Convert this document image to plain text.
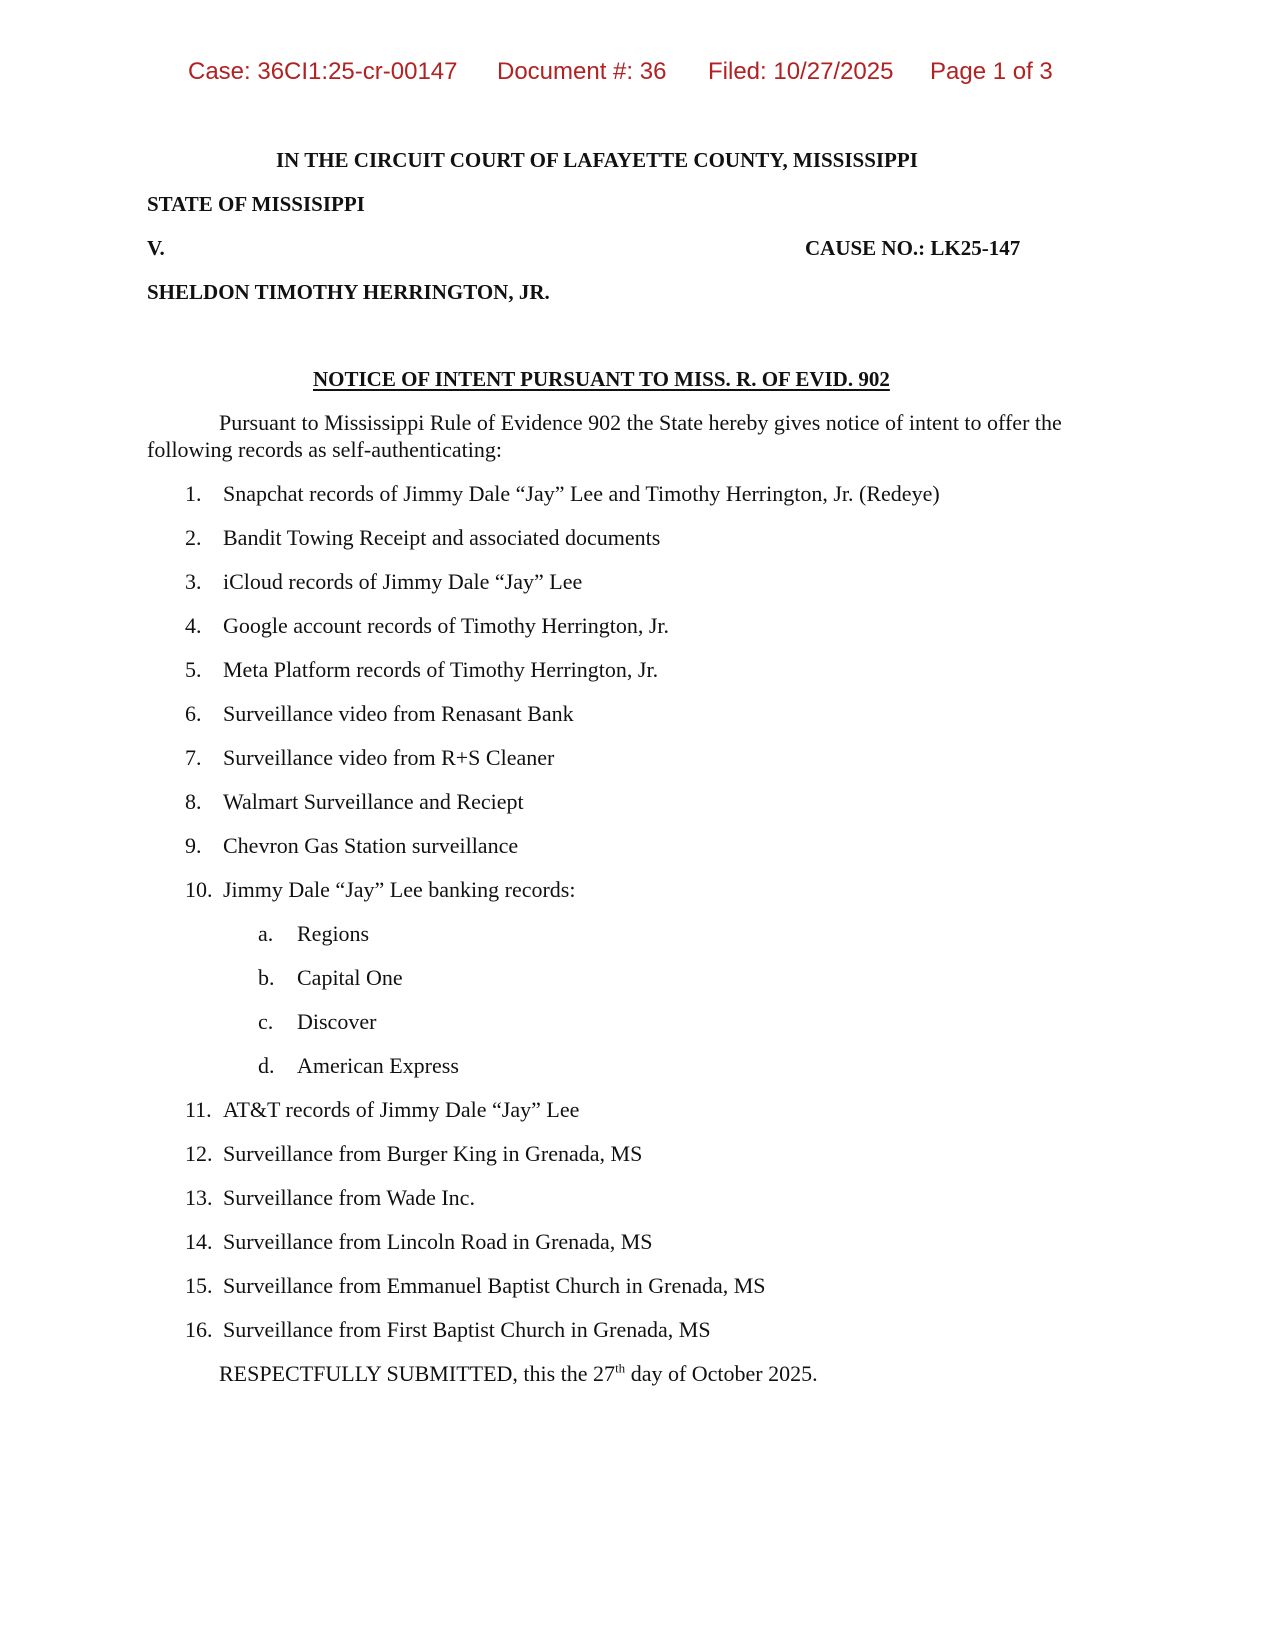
Case: 36CI1:25-cr-00147 Document #: 36 Filed: 10/27/2025 Page 1 of 3
IN THE CIRCUIT COURT OF LAFAYETTE COUNTY, MISSISSIPPI
STATE OF MISSISIPPI
V.	CAUSE NO.: LK25-147
SHELDON TIMOTHY HERRINGTON, JR.
NOTICE OF INTENT PURSUANT TO MISS. R. OF EVID. 902
Pursuant to Mississippi Rule of Evidence 902 the State hereby gives notice of intent to offer the
following records as self-authenticating:
1. Snapchat records of Jimmy Dale “Jay” Lee and Timothy Herrington, Jr. (Redeye)
2. Bandit Towing Receipt and associated documents
3. iCloud records of Jimmy Dale “Jay” Lee
4. Google account records of Timothy Herrington, Jr.
5. Meta Platform records of Timothy Herrington, Jr.
6. Surveillance video from Renasant Bank
7. Surveillance video from R+S Cleaner
8. Walmart Surveillance and Reciept
9. Chevron Gas Station surveillance
10. Jimmy Dale “Jay” Lee banking records:
a. Regions
b. Capital One
c. Discover
d. American Express
11. AT&T records of Jimmy Dale “Jay” Lee
12. Surveillance from Burger King in Grenada, MS
13. Surveillance from Wade Inc.
14. Surveillance from Lincoln Road in Grenada, MS
15. Surveillance from Emmanuel Baptist Church in Grenada, MS
16. Surveillance from First Baptist Church in Grenada, MS
RESPECTFULLY SUBMITTED, this the 27th day of October 2025.
